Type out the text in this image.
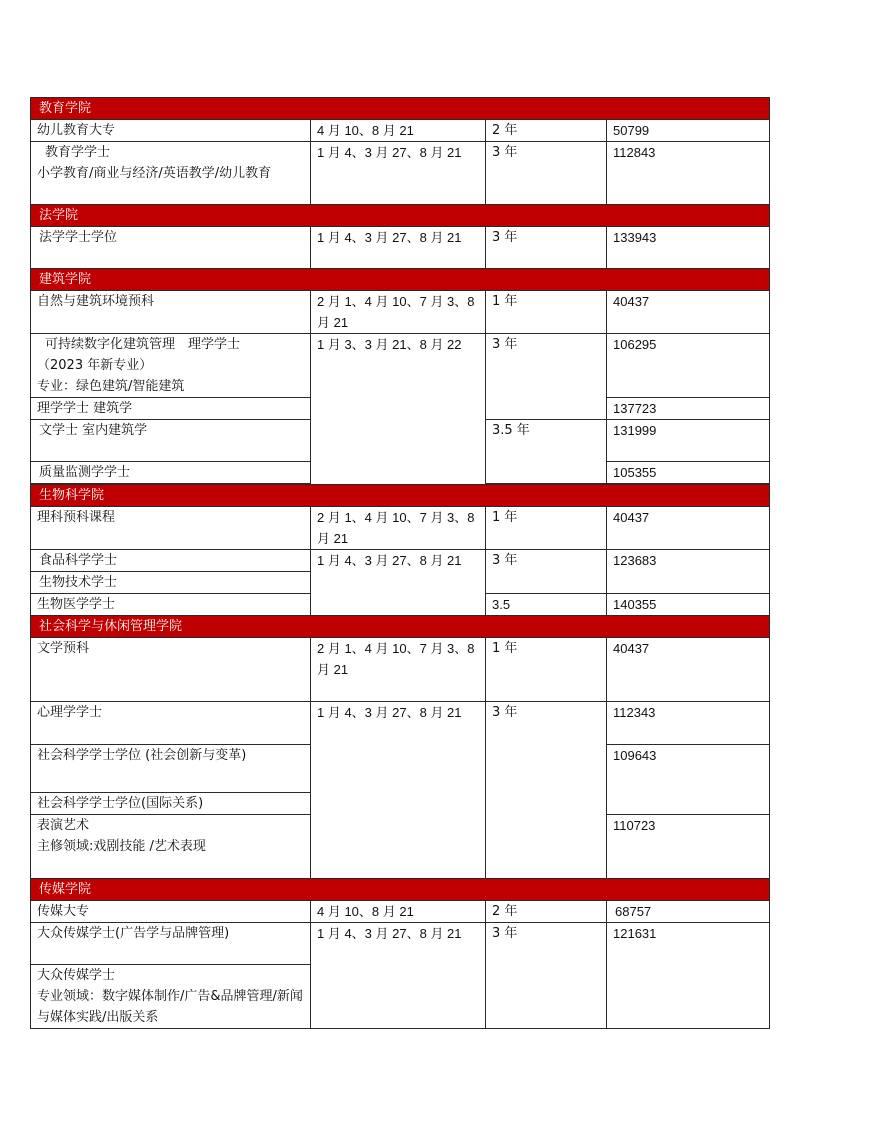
教育学院			
幼儿教育大专	4 月 10、8 月 21	2 年	50799
教育学学士
小学教育/商业与经济/英语教学/幼儿教育	1 月 4、3 月 27、8 月 21	3 年	112843
法学院			
法学学士学位	1 月 4、3 月 27、8 月 21	3 年	133943
建筑学院			
自然与建筑环境预科	2 月 1、4 月 10、7 月 3、8 月 21	1 年	40437
可持续数字化建筑管理　理学学士
（2023 年新专业）
专业：绿色建筑/智能建筑	1 月 3、3 月 21、8 月 22	3 年	106295
理学学士 建筑学			137723
文学士 室内建筑学		3.5 年	131999
质量监测学学士			105355

生物科学院			
理科预科课程	2 月 1、4 月 10、7 月 3、8 月 21	1 年	40437
食品科学学士	1 月 4、3 月 27、8 月 21	3 年	123683
生物技术学士			
生物医学学士		3.5	140355
社会科学与休闲管理学院			
文学预科	2 月 1、4 月 10、7 月 3、8 月 21	1 年	40437
心理学学士	1 月 4、3 月 27、8 月 21	3 年	112343
社会科学学士学位 (社会创新与变革)			109643
社会科学学士学位(国际关系)			
表演艺术
主修领域:戏剧技能 /艺术表现			110723
传媒学院			
传媒大专	4 月 10、8 月 21	2 年	68757
大众传媒学士(广告学与品牌管理)	1 月 4、3 月 27、8 月 21	3 年	121631
大众传媒学士
专业领域：数字媒体制作/广告&品牌管理/新闻与媒体实践/出版关系			
